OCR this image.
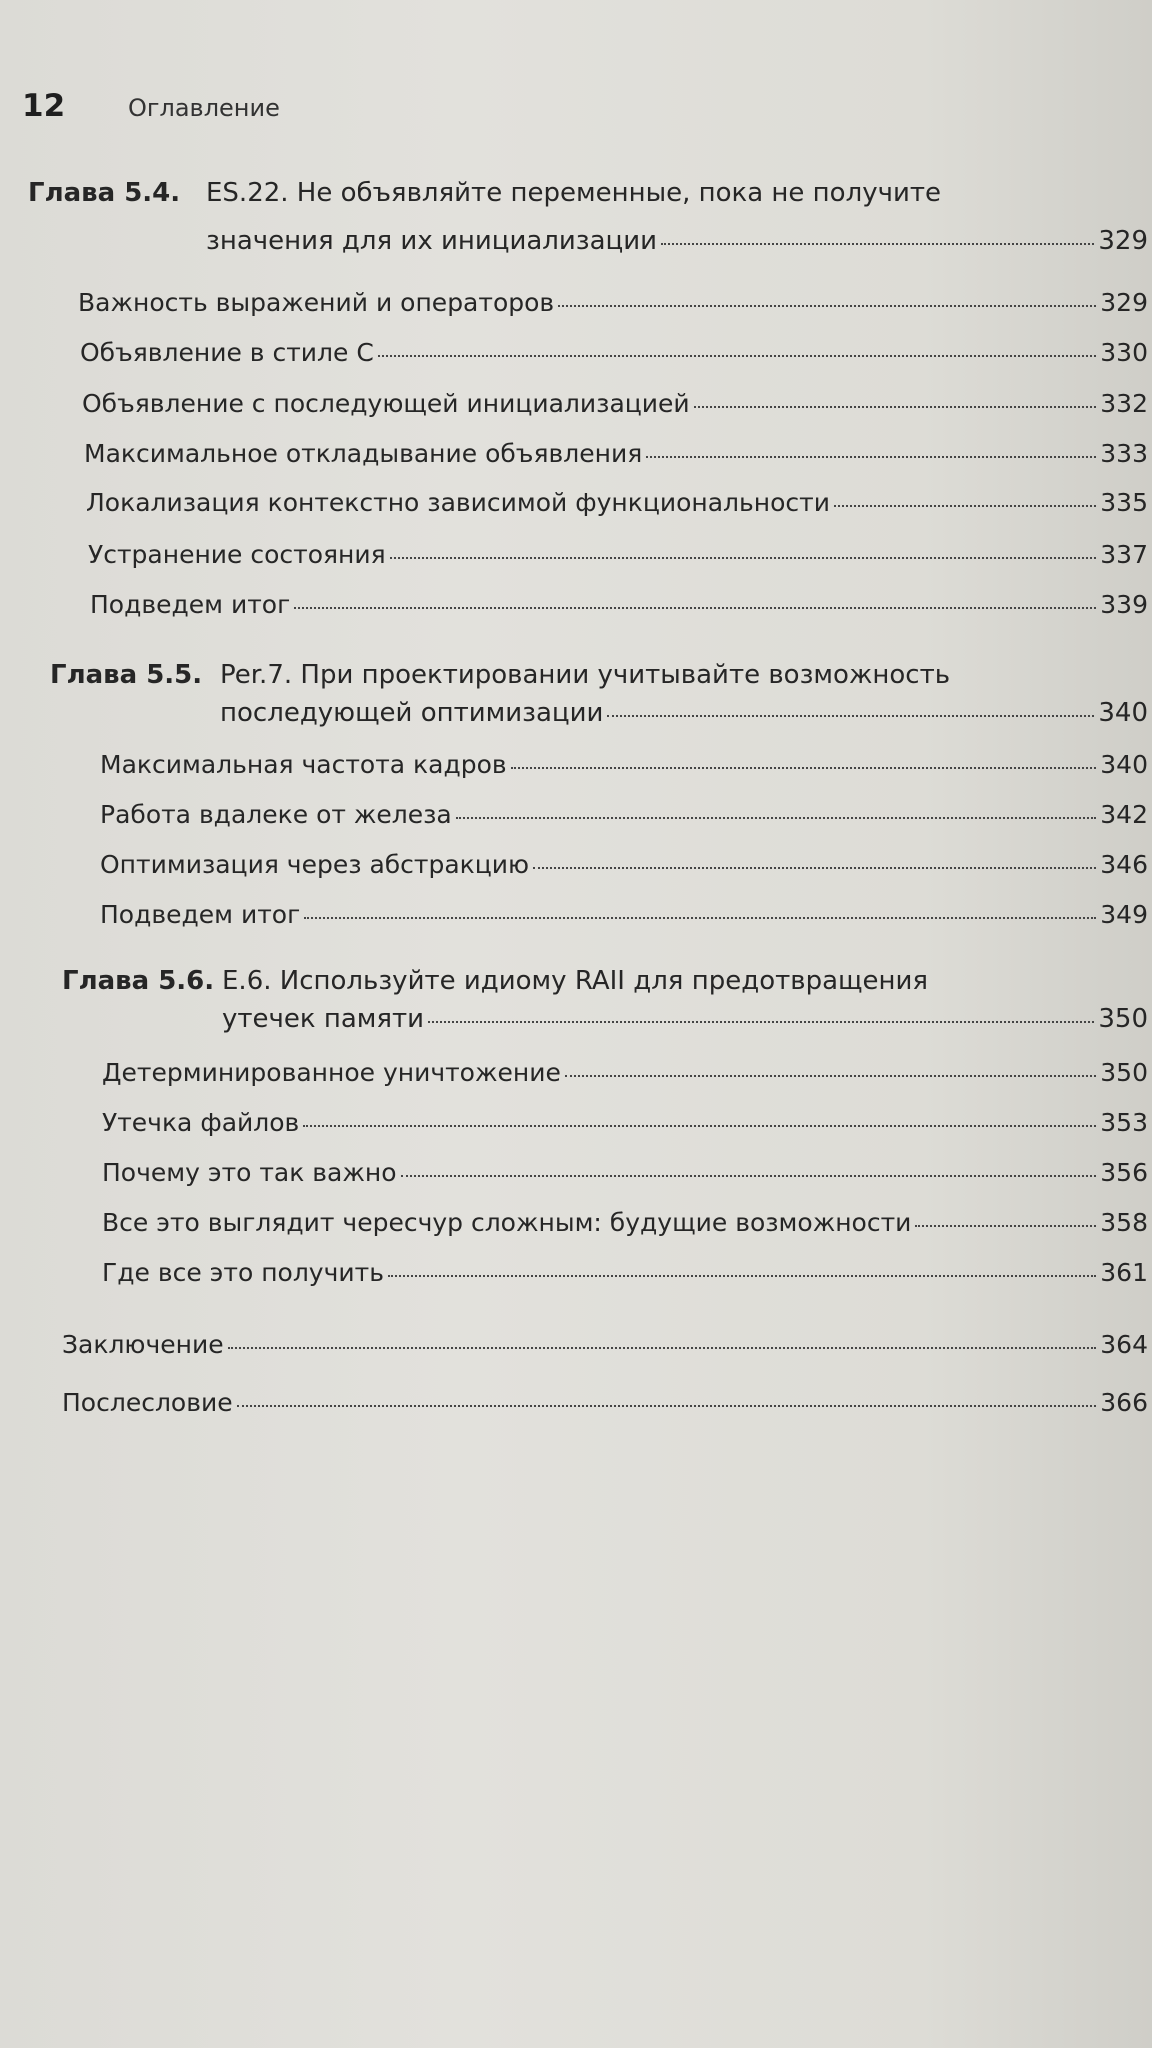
12	Оглавление
Глава 5.4. ES.22. Не объявляйте переменные, пока не получите
значения для их инициализации	329
Важность выражений и операторов	329
Объявление в стиле C	330
Объявление с последующей инициализацией	332
Максимальное откладывание объявления	333
Локализация контекстно зависимой функциональности	335
Устранение состояния	337
Подведем итог	339
Глава 5.5. Per.7. При проектировании учитывайте возможность
последующей оптимизации	340
Максимальная частота кадров	340
Работа вдалеке от железа	342
Оптимизация через абстракцию	346
Подведем итог	349
Глава 5.6. E.6. Используйте идиому RAII для предотвращения
утечек памяти	350
Детерминированное уничтожение	350
Утечка файлов	353
Почему это так важно	356
Все это выглядит чересчур сложным: будущие возможности	358
Где все это получить	361
Заключение	364
Послесловие	366
